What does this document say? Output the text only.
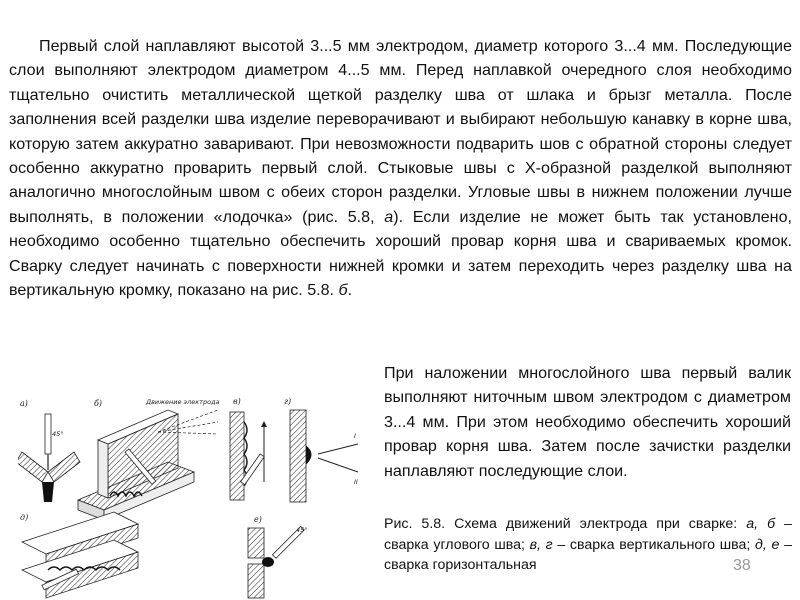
Первый слой наплавляют высотой 3...5 мм электродом, диаметр которого 3...4 мм. Последующие слои выполняют электродом диаметром 4...5 мм. Перед наплавкой очередного слоя необходимо тщательно очистить металлической щеткой разделку шва от шлака и брызг металла. После заполнения всей разделки шва изделие переворачивают и выбирают небольшую канавку в корне шва, которую затем аккуратно заваривают. При невозможности подварить шов с обратной стороны следует особенно аккуратно проварить первый слой. Стыковые швы с Х-образной разделкой выполняют аналогично многослойным швом с обеих сторон разделки. Угловые швы в нижнем положении лучше выполнять, в положении «лодочка» (рис. 5.8, а). Если изделие не может быть так установлено, необходимо особенно тщательно обеспечить хороший провар корня шва и свариваемых кромок. Сварку следует начинать с поверхности нижней кромки и затем переходить через разделку шва на вертикальную кромку, показано на рис. 5.8. б.

При наложении многослойного шва первый валик выполняют ниточным швом электродом с диаметром 3...4 мм. При этом необходимо обеспечить хороший провар корня шва. Затем после зачистки разделки наплавляют последующие слои.

а)
45°
б)	Движение электрода в)	г)
I
II
д)	е)
45°	Рис. 5.8. Схема движений электрода при сварке: а, б – сварка углового шва; в, г – сварка вертикального шва; д, е – сварка горизонтальная	38
